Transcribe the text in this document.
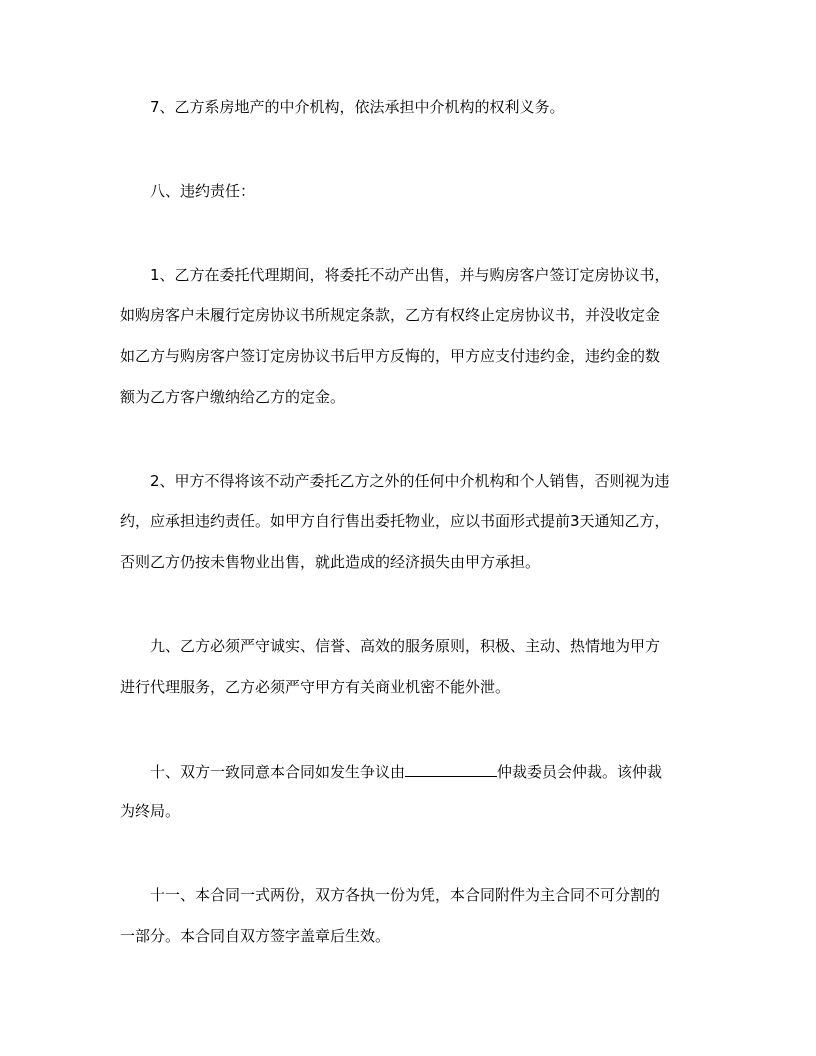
7、乙方系房地产的中介机构，依法承担中介机构的权利义务。
八、违约责任：
1、乙方在委托代理期间，将委托不动产出售，并与购房客户签订定房协议书，
如购房客户未履行定房协议书所规定条款，乙方有权终止定房协议书，并没收定金
如乙方与购房客户签订定房协议书后甲方反悔的，甲方应支付违约金，违约金的数
额为乙方客户缴纳给乙方的定金。
2、甲方不得将该不动产委托乙方之外的任何中介机构和个人销售，否则视为违
约，应承担违约责任。如甲方自行售出委托物业，应以书面形式提前3天通知乙方，
否则乙方仍按未售物业出售，就此造成的经济损失由甲方承担。
九、乙方必须严守诚实、信誉、高效的服务原则，积极、主动、热情地为甲方
进行代理服务，乙方必须严守甲方有关商业机密不能外泄。
十、双方一致同意本合同如发生争议由	仲裁委员会仲裁。该仲裁
为终局。
十一、本合同一式两份，双方各执一份为凭，本合同附件为主合同不可分割的
一部分。本合同自双方签字盖章后生效。
